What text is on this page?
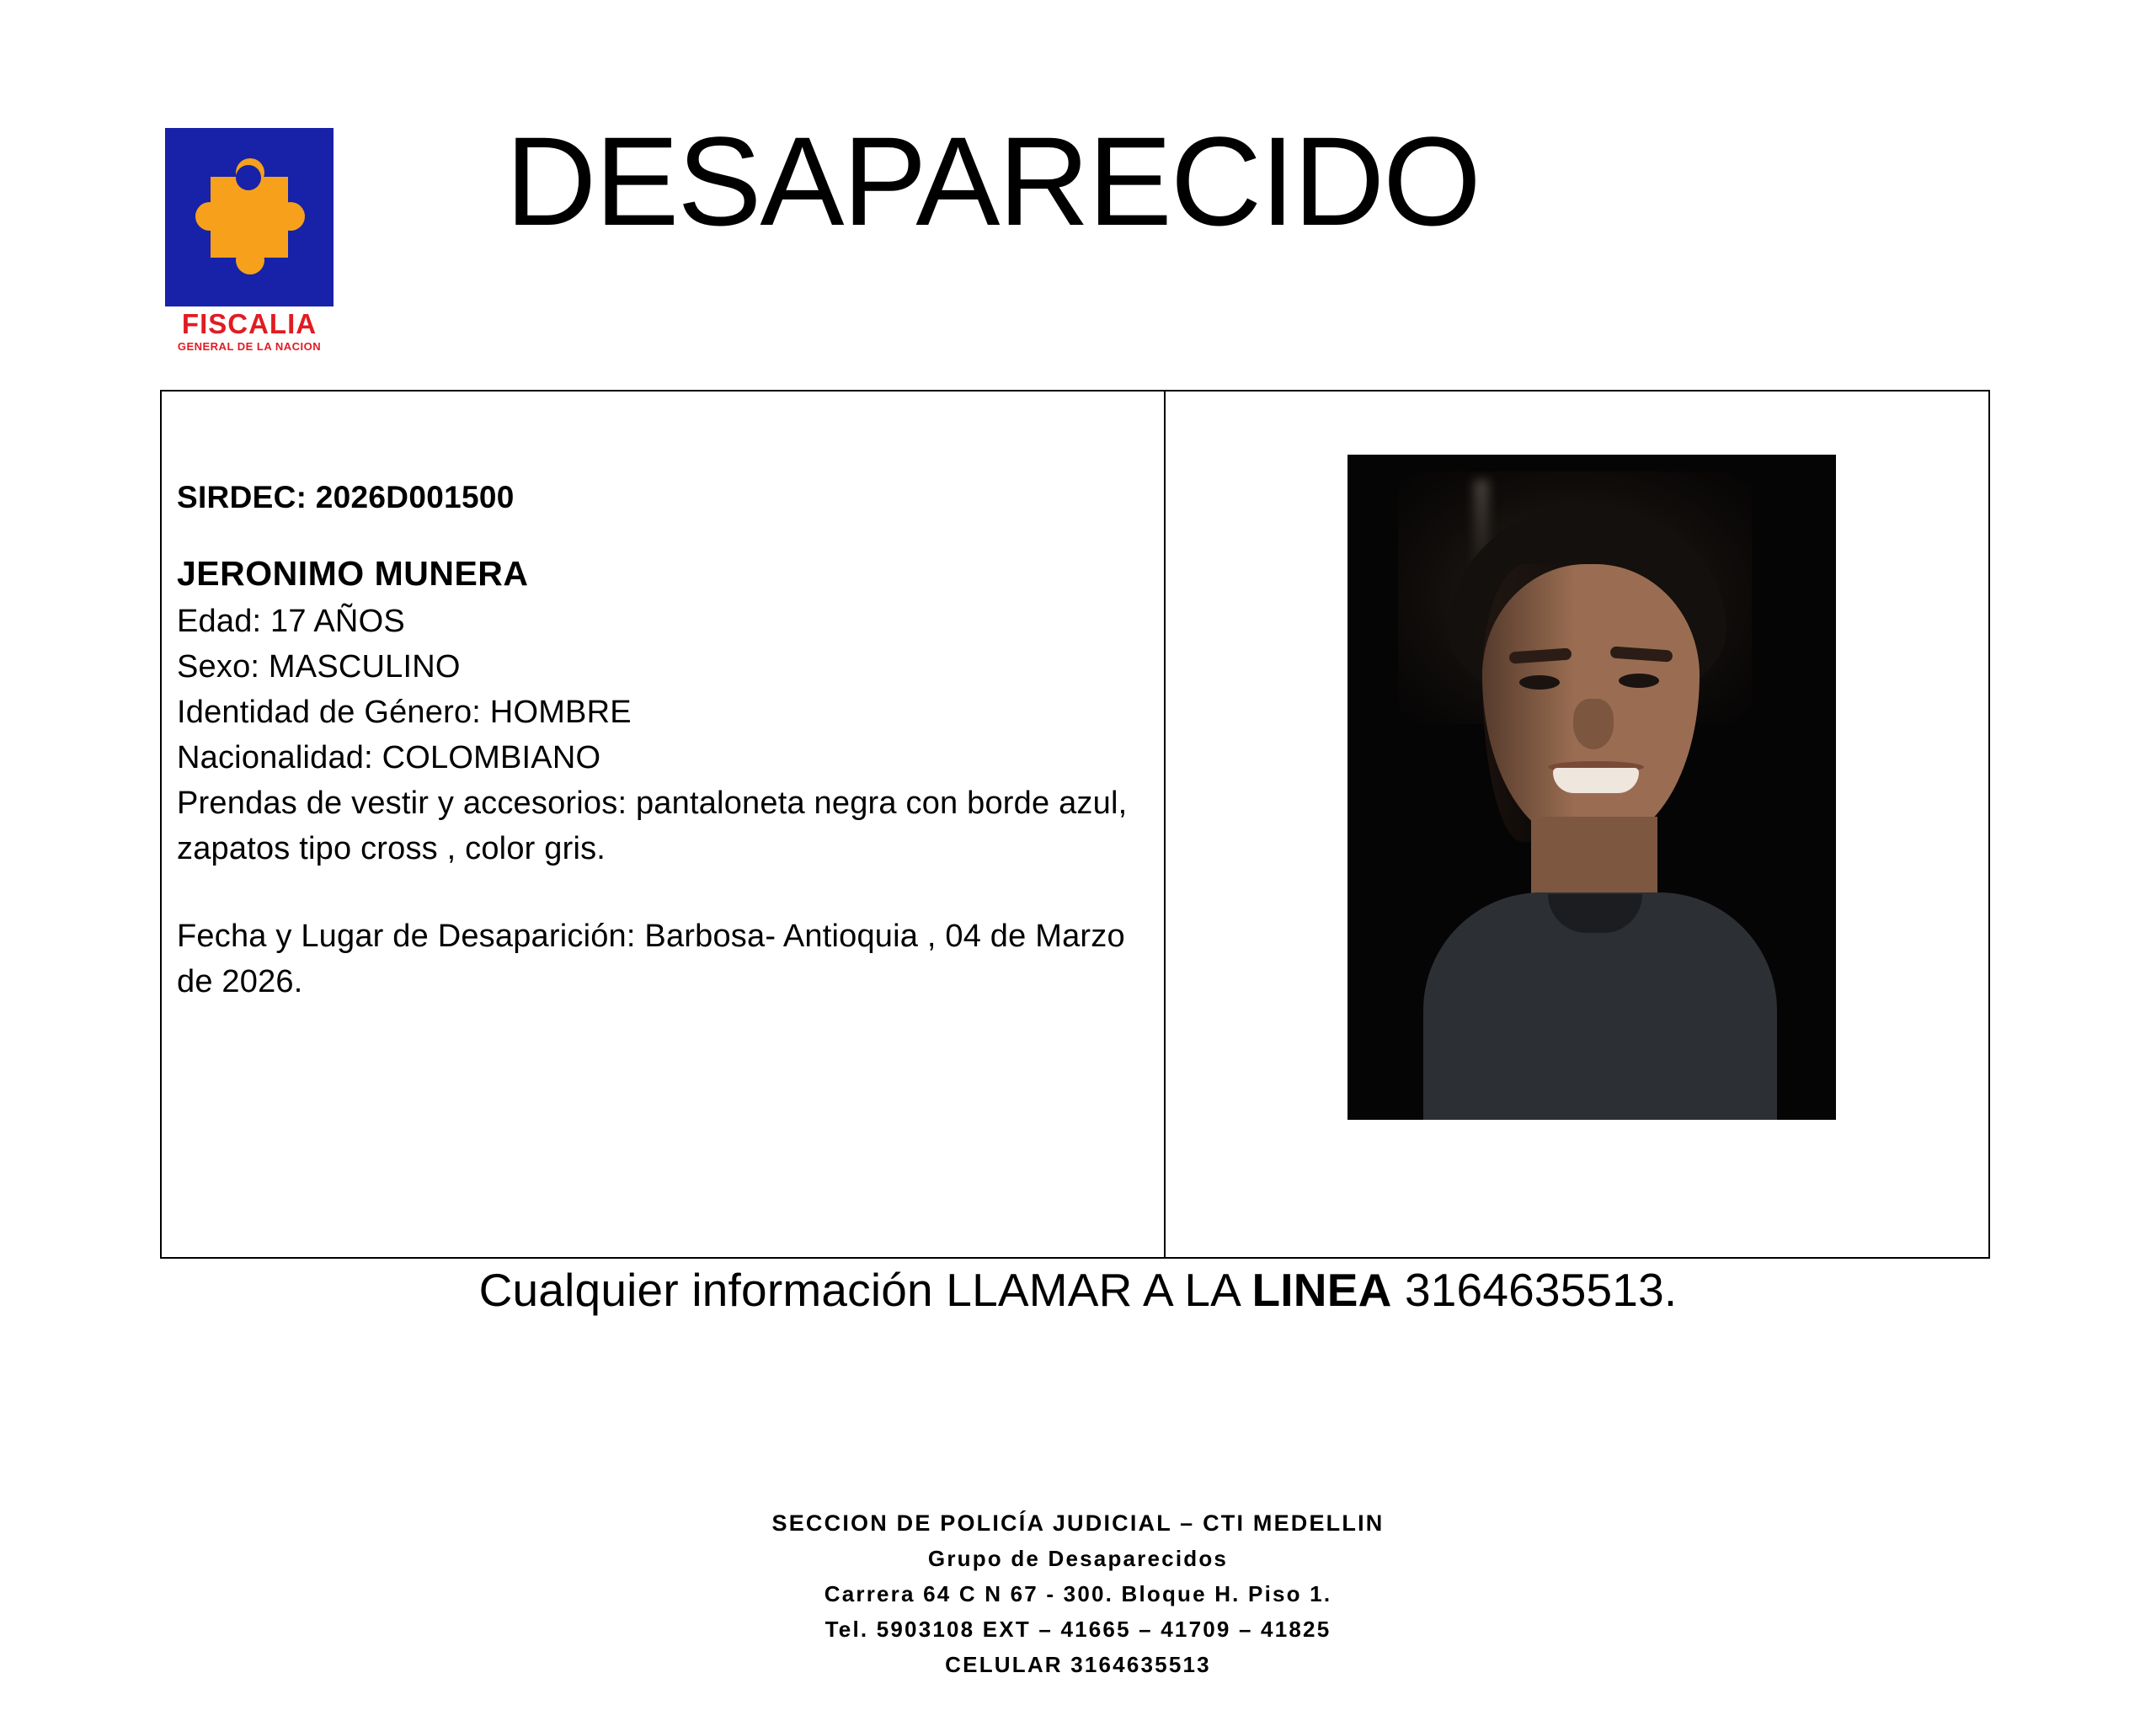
FISCALIA
GENERAL DE LA NACION
DESAPARECIDO
SIRDEC: 2026D001500
JERONIMO MUNERA
Edad: 17 AÑOS
Sexo: MASCULINO
Identidad de Género: HOMBRE
Nacionalidad: COLOMBIANO
Prendas de vestir y accesorios: pantaloneta negra con borde azul, zapatos tipo cross , color gris.
Fecha y Lugar de Desaparición: Barbosa- Antioquia , 04 de Marzo de 2026.
Cualquier información LLAMAR A LA LINEA 3164635513.
SECCION DE POLICÍA JUDICIAL – CTI MEDELLIN
Grupo de Desaparecidos
Carrera 64 C N 67 - 300. Bloque H. Piso 1.
Tel. 5903108 EXT – 41665 – 41709 – 41825
CELULAR 3164635513
